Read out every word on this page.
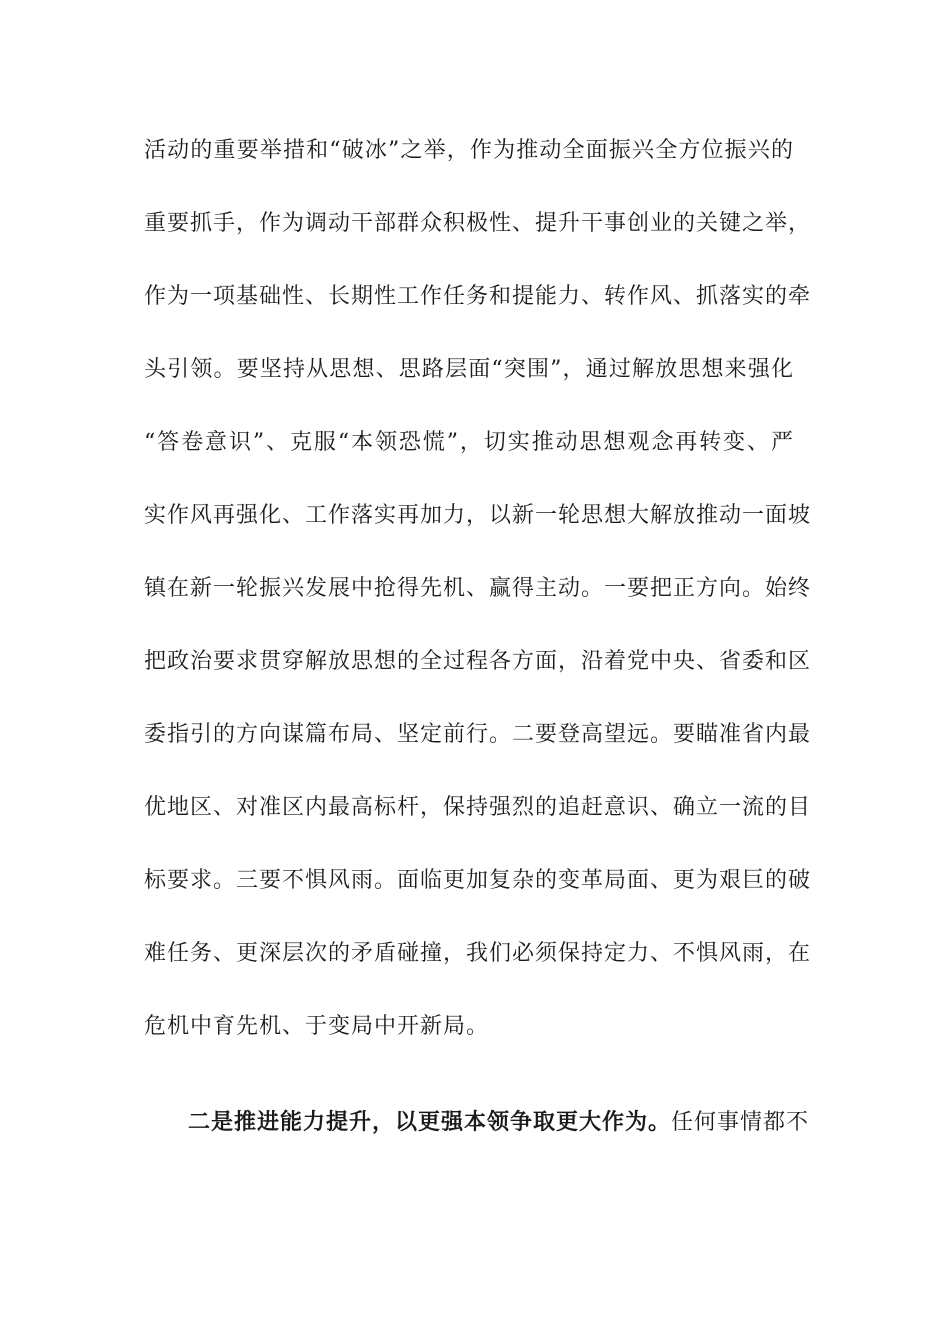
活动的重要举措和“破冰”之举，作为推动全面振兴全方位振兴的
重要抓手，作为调动干部群众积极性、提升干事创业的关键之举，
作为一项基础性、长期性工作任务和提能力、转作风、抓落实的牵
头引领。要坚持从思想、思路层面“突围”，通过解放思想来强化
“答卷意识”、克服“本领恐慌”，切实推动思想观念再转变、严
实作风再强化、工作落实再加力，以新一轮思想大解放推动一面坡
镇在新一轮振兴发展中抢得先机、赢得主动。一要把正方向。始终
把政治要求贯穿解放思想的全过程各方面，沿着党中央、省委和区
委指引的方向谋篇布局、坚定前行。二要登高望远。要瞄准省内最
优地区、对准区内最高标杆，保持强烈的追赶意识、确立一流的目
标要求。三要不惧风雨。面临更加复杂的变革局面、更为艰巨的破
难任务、更深层次的矛盾碰撞，我们必须保持定力、不惧风雨，在
危机中育先机、于变局中开新局。
二是推进能力提升，以更强本领争取更大作为。任何事情都不
